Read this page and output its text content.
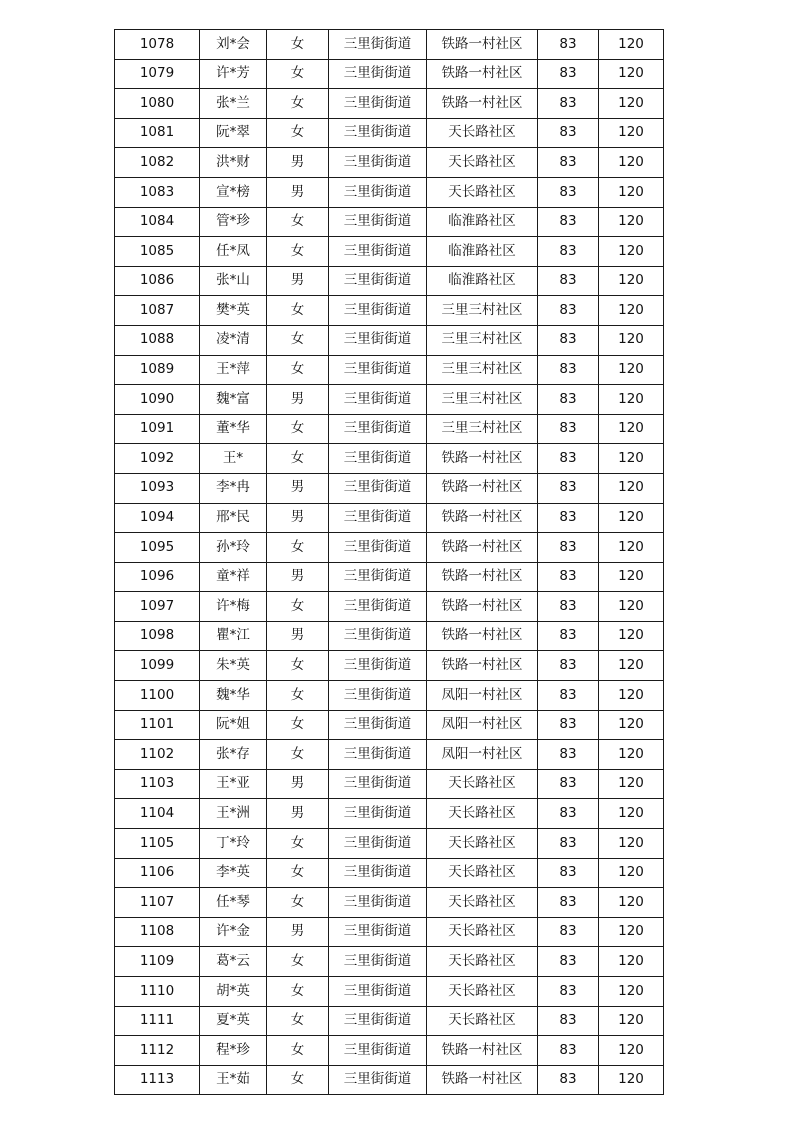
1078	刘*会	女	三里街街道	铁路一村社区	83	120
1079	许*芳	女	三里街街道	铁路一村社区	83	120
1080	张*兰	女	三里街街道	铁路一村社区	83	120
1081	阮*翠	女	三里街街道	天长路社区	83	120
1082	洪*财	男	三里街街道	天长路社区	83	120
1083	宣*榜	男	三里街街道	天长路社区	83	120
1084	管*珍	女	三里街街道	临淮路社区	83	120
1085	任*凤	女	三里街街道	临淮路社区	83	120
1086	张*山	男	三里街街道	临淮路社区	83	120
1087	樊*英	女	三里街街道	三里三村社区	83	120
1088	凌*清	女	三里街街道	三里三村社区	83	120
1089	王*萍	女	三里街街道	三里三村社区	83	120
1090	魏*富	男	三里街街道	三里三村社区	83	120
1091	董*华	女	三里街街道	三里三村社区	83	120
1092	王*	女	三里街街道	铁路一村社区	83	120
1093	李*冉	男	三里街街道	铁路一村社区	83	120
1094	邢*民	男	三里街街道	铁路一村社区	83	120
1095	孙*玲	女	三里街街道	铁路一村社区	83	120
1096	童*祥	男	三里街街道	铁路一村社区	83	120
1097	许*梅	女	三里街街道	铁路一村社区	83	120
1098	瞿*江	男	三里街街道	铁路一村社区	83	120
1099	朱*英	女	三里街街道	铁路一村社区	83	120
1100	魏*华	女	三里街街道	凤阳一村社区	83	120
1101	阮*姐	女	三里街街道	凤阳一村社区	83	120
1102	张*存	女	三里街街道	凤阳一村社区	83	120
1103	王*亚	男	三里街街道	天长路社区	83	120
1104	王*洲	男	三里街街道	天长路社区	83	120
1105	丁*玲	女	三里街街道	天长路社区	83	120
1106	李*英	女	三里街街道	天长路社区	83	120
1107	任*琴	女	三里街街道	天长路社区	83	120
1108	许*金	男	三里街街道	天长路社区	83	120
1109	葛*云	女	三里街街道	天长路社区	83	120
1110	胡*英	女	三里街街道	天长路社区	83	120
1111	夏*英	女	三里街街道	天长路社区	83	120
1112	程*珍	女	三里街街道	铁路一村社区	83	120
1113	王*茹	女	三里街街道	铁路一村社区	83	120
